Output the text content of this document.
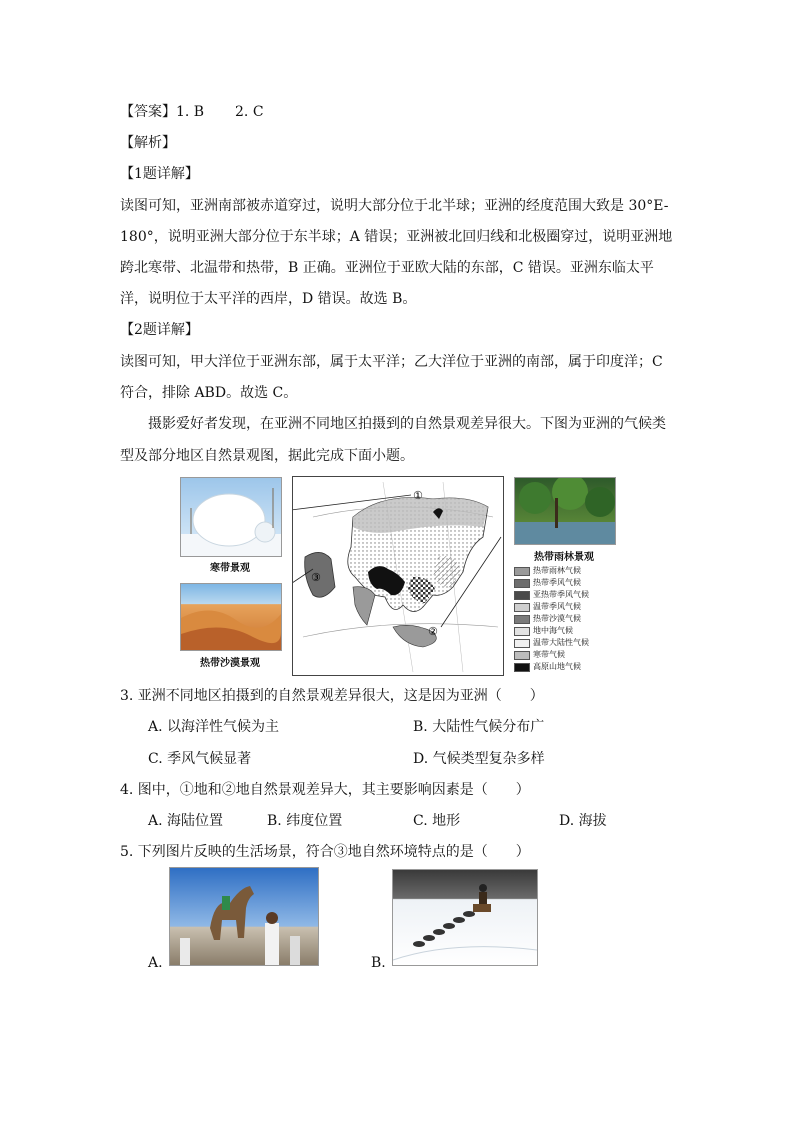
【答案】1. B 2. C
【解析】
【1题详解】
读图可知，亚洲南部被赤道穿过，说明大部分位于北半球；亚洲的经度范围大致是 30°E-
180°，说明亚洲大部分位于东半球；A 错误；亚洲被北回归线和北极圈穿过，说明亚洲地
跨北寒带、北温带和热带，B 正确。亚洲位于亚欧大陆的东部，C 错误。亚洲东临太平
洋，说明位于太平洋的西岸，D 错误。故选 B。
【2题详解】
读图可知，甲大洋位于亚洲东部，属于太平洋；乙大洋位于亚洲的南部，属于印度洋；C
符合，排除 ABD。故选 C。
摄影爱好者发现，在亚洲不同地区拍摄到的自然景观差异很大。下图为亚洲的气候类
型及部分地区自然景观图，据此完成下面小题。
寒带景观
热带沙漠景观
①
③
②
热带雨林景观
热带雨林气候
热带季风气候
亚热带季风气候
温带季风气候
热带沙漠气候
地中海气候
温带大陆性气候
寒带气候
高原山地气候
3. 亚洲不同地区拍摄到的自然景观差异很大，这是因为亚洲（　　）
A. 以海洋性气候为主	B. 大陆性气候分布广
C. 季风气候显著	D. 气候类型复杂多样
4. 图中，①地和②地自然景观差异大，其主要影响因素是（　　）
A. 海陆位置	B. 纬度位置	C. 地形	D. 海拔
5. 下列图片反映的生活场景，符合③地自然环境特点的是（　　）
A.	B.
